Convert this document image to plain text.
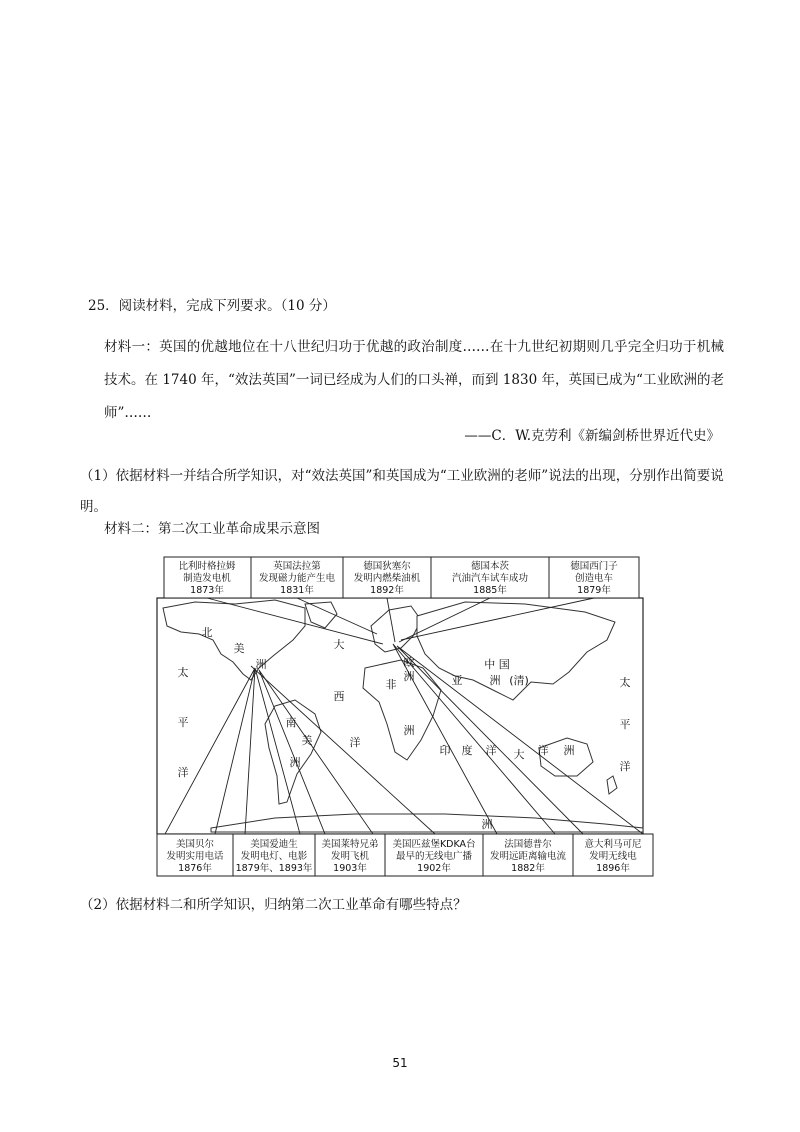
25．阅读材料，完成下列要求。（10 分）
材料一：英国的优越地位在十八世纪归功于优越的政治制度……在十九世纪初期则几乎完全归功于机械技术。在 1740 年，“效法英国”一词已经成为人们的口头禅，而到 1830 年，英国已成为“工业欧洲的老师”……
——C．W.克劳利《新编剑桥世界近代史》
（1）依据材料一并结合所学知识，对“效法英国”和英国成为“工业欧洲的老师”说法的出现，分别作出简要说明。
材料二：第二次工业革命成果示意图
比利时格拉姆
制造发电机
1873年
英国法拉第
发现磁力能产生电
1831年
德国狄塞尔
发明内燃柴油机
1892年
德国本茨
汽油汽车试车成功
1885年
德国西门子
创造电车
1879年
美国贝尔
发明实用电话
1876年
美国爱迪生
发明电灯、电影
1879年、1893年
美国莱特兄弟
发明飞机
1903年
美国匹兹堡KDKA台
最早的无线电广播
1902年
法国德普尔
发明远距离输电流
1882年
意大利马可尼
发明无线电
1896年
北
美
洲
太
平
洋
大
西
洋
南
美
洲
欧
洲
非
洲
亚
中 国
洲 (清)
印 度 洋 大 洋 洲
太
平
洋
洲
（2）依据材料二和所学知识，归纳第二次工业革命有哪些特点？
51
